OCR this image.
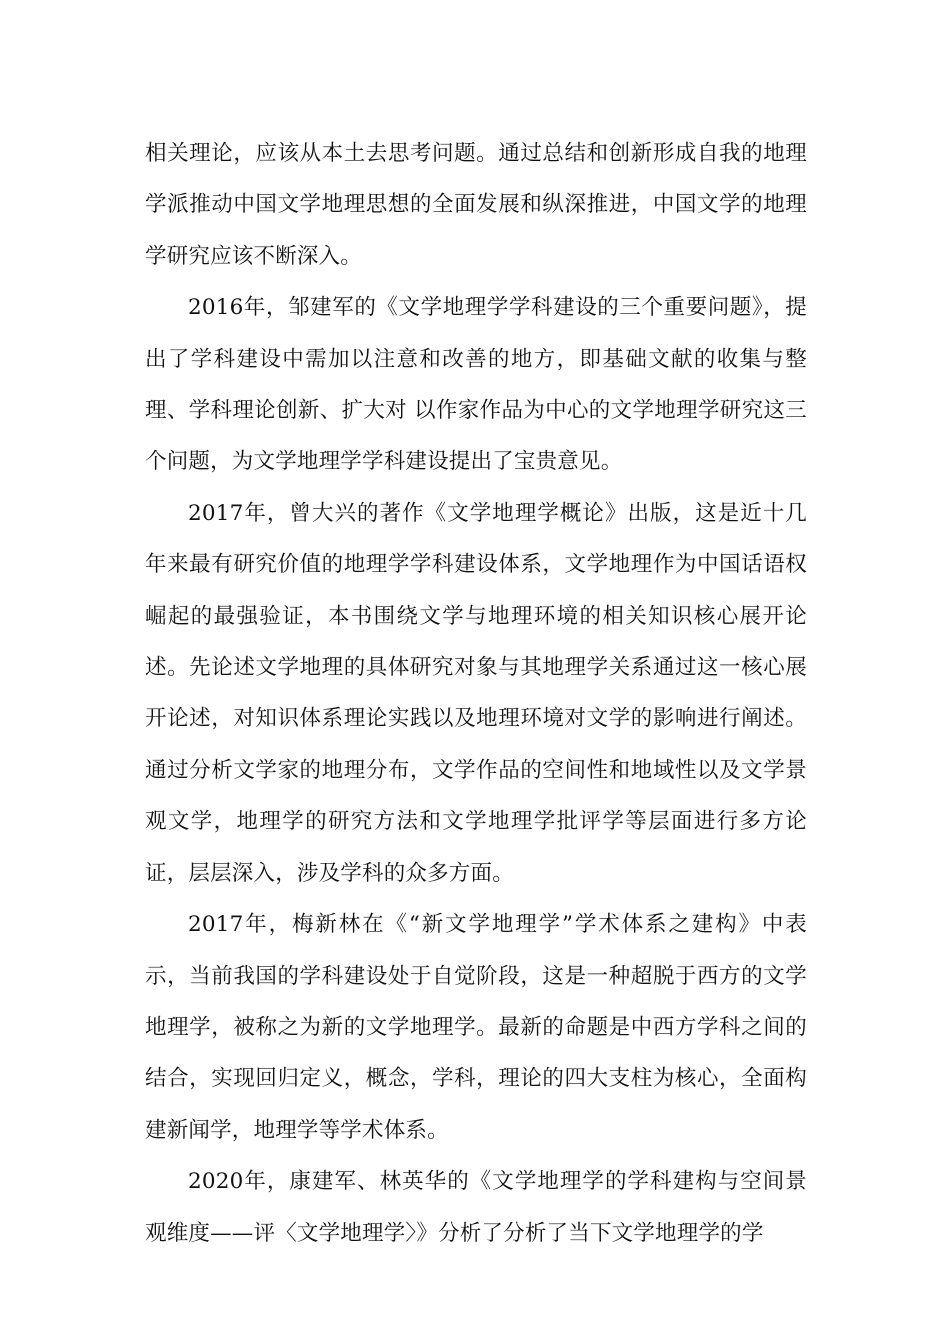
相关理论，应该从本土去思考问题。通过总结和创新形成自我的地理学派推动中国文学地理思想的全面发展和纵深推进，中国文学的地理学研究应该不断深入。

2016年，邹建军的《文学地理学学科建设的三个重要问题》，提出了学科建设中需加以注意和改善的地方，即基础文献的收集与整理、学科理论创新、扩大对 以作家作品为中心的文学地理学研究这三个问题，为文学地理学学科建设提出了宝贵意见。

2017年，曾大兴的著作《文学地理学概论》出版，这是近十几年来最有研究价值的地理学学科建设体系，文学地理作为中国话语权崛起的最强验证，本书围绕文学与地理环境的相关知识核心展开论述。先论述文学地理的具体研究对象与其地理学关系通过这一核心展开论述，对知识体系理论实践以及地理环境对文学的影响进行阐述。通过分析文学家的地理分布，文学作品的空间性和地域性以及文学景观文学，地理学的研究方法和文学地理学批评学等层面进行多方论证，层层深入，涉及学科的众多方面。

2017年，梅新林在《“新文学地理学”学术体系之建构》中表示，当前我国的学科建设处于自觉阶段，这是一种超脱于西方的文学地理学，被称之为新的文学地理学。最新的命题是中西方学科之间的结合，实现回归定义，概念，学科，理论的四大支柱为核心，全面构建新闻学，地理学等学术体系。

2020年，康建军、林英华的《文学地理学的学科建构与空间景观维度——评〈文学地理学〉》分析了分析了当下文学地理学的学
